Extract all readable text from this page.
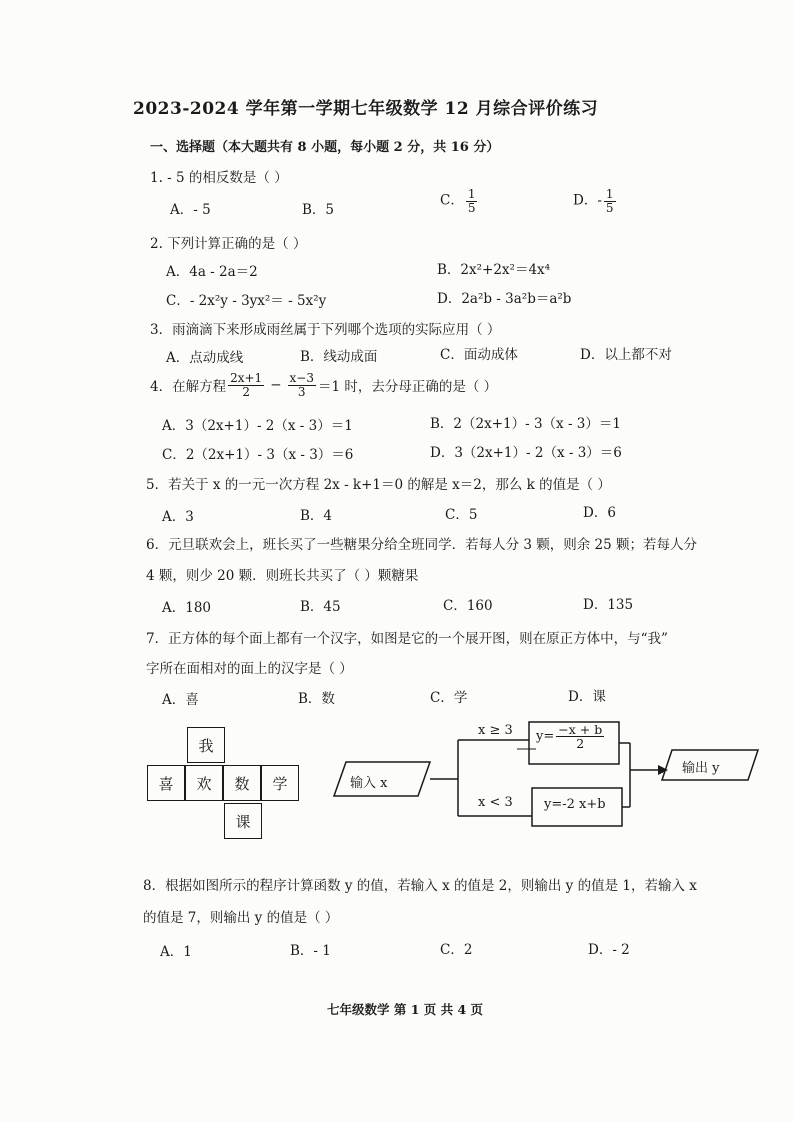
2023-2024 学年第一学期七年级数学 12 月综合评价练习
一、选择题（本大题共有 8 小题，每小题 2 分，共 16 分）
1. - 5 的相反数是（ ）
A．- 5	B．5
C． $\frac{1}{5}$	D．- $\frac{1}{5}$
2. 下列计算正确的是（ ）
A．4a - 2a＝2	B．2x²+2x²＝4x⁴
C．- 2x²y - 3yx²＝ - 5x²y	D．2a²b - 3a²b＝a²b
3．雨滴滴下来形成雨丝属于下列哪个选项的实际应用（ ）
A．点动成线	B．线动成面	C．面动成体	D．以上都不对
4．在解方程 $\frac{2x+1}{2} - \frac{x-3}{3} =1$ 时，去分母正确的是（ ）
A．3（2x+1）- 2（x - 3）＝1	B．2（2x+1）- 3（x - 3）＝1
C．2（2x+1）- 3（x - 3）＝6	D．3（2x+1）- 2（x - 3）＝6
5．若关于 x 的一元一次方程 2x - k+1＝0 的解是 x＝2，那么 k 的值是（ ）
A．3	B．4	C．5	D．6
6．元旦联欢会上，班长买了一些糖果分给全班同学．若每人分 3 颗，则余 25 颗；若每人分
4 颗，则少 20 颗．则班长共买了（ ）颗糖果
A．180	B．45	C．160	D．135
7．正方体的每个面上都有一个汉字，如图是它的一个展开图，则在原正方体中，与“我”
字所在面相对的面上的汉字是（ ）
A．喜	B．数	C．学	D．课
我
喜	欢	数	学
课
输入 x
x ≥ 3
x < 3
$y= \frac{-x + b}{2}$
y=-2 x+b
输出 y
8．根据如图所示的程序计算函数 y 的值，若输入 x 的值是 2，则输出 y 的值是 1，若输入 x
的值是 7，则输出 y 的值是（ ）
A．1	B．- 1	C．2	D．- 2
七年级数学 第 1 页 共 4 页
